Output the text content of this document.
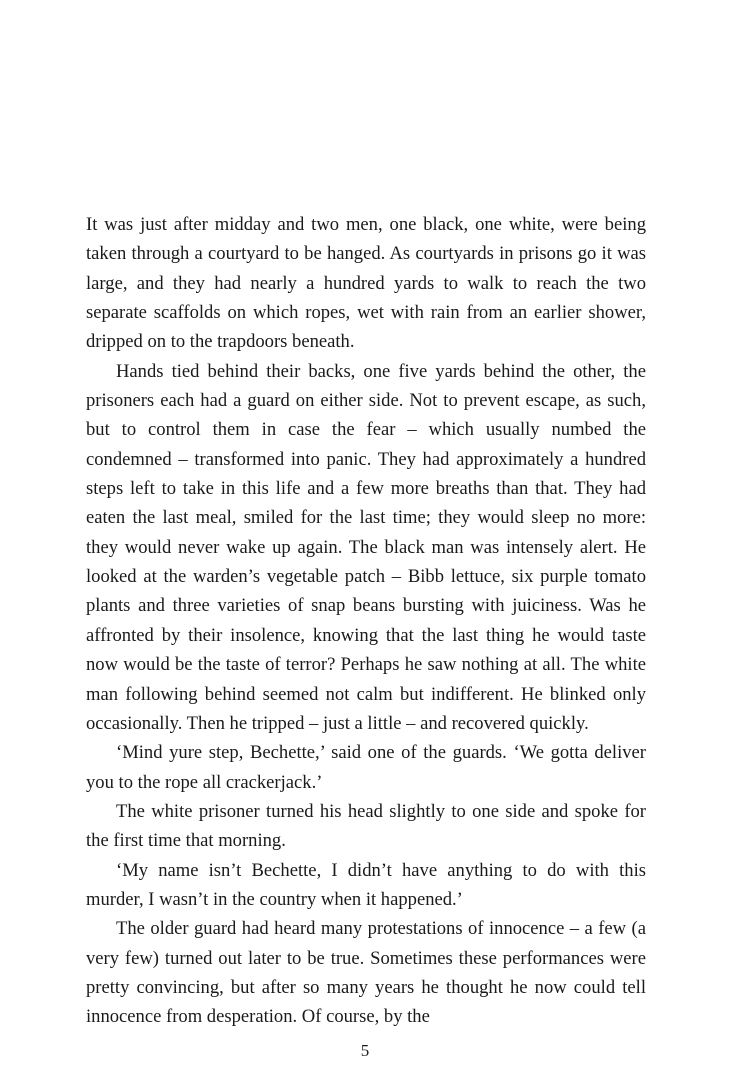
It was just after midday and two men, one black, one white, were being taken through a courtyard to be hanged. As courtyards in prisons go it was large, and they had nearly a hundred yards to walk to reach the two separate scaffolds on which ropes, wet with rain from an earlier shower, dripped on to the trapdoors beneath.

Hands tied behind their backs, one five yards behind the other, the prisoners each had a guard on either side. Not to prevent escape, as such, but to control them in case the fear – which usually numbed the condemned – transformed into panic. They had approximately a hundred steps left to take in this life and a few more breaths than that. They had eaten the last meal, smiled for the last time; they would sleep no more: they would never wake up again. The black man was intensely alert. He looked at the warden’s vegetable patch – Bibb lettuce, six purple tomato plants and three varieties of snap beans bursting with juiciness. Was he affronted by their insolence, knowing that the last thing he would taste now would be the taste of terror? Perhaps he saw nothing at all. The white man following behind seemed not calm but indifferent. He blinked only occasionally. Then he tripped – just a little – and recovered quickly.

‘Mind yure step, Bechette,’ said one of the guards. ‘We gotta deliver you to the rope all crackerjack.’

The white prisoner turned his head slightly to one side and spoke for the first time that morning.

‘My name isn’t Bechette, I didn’t have anything to do with this murder, I wasn’t in the country when it happened.’

The older guard had heard many protestations of innocence – a few (a very few) turned out later to be true. Sometimes these performances were pretty convincing, but after so many years he thought he now could tell innocence from desperation. Of course, by the

5
